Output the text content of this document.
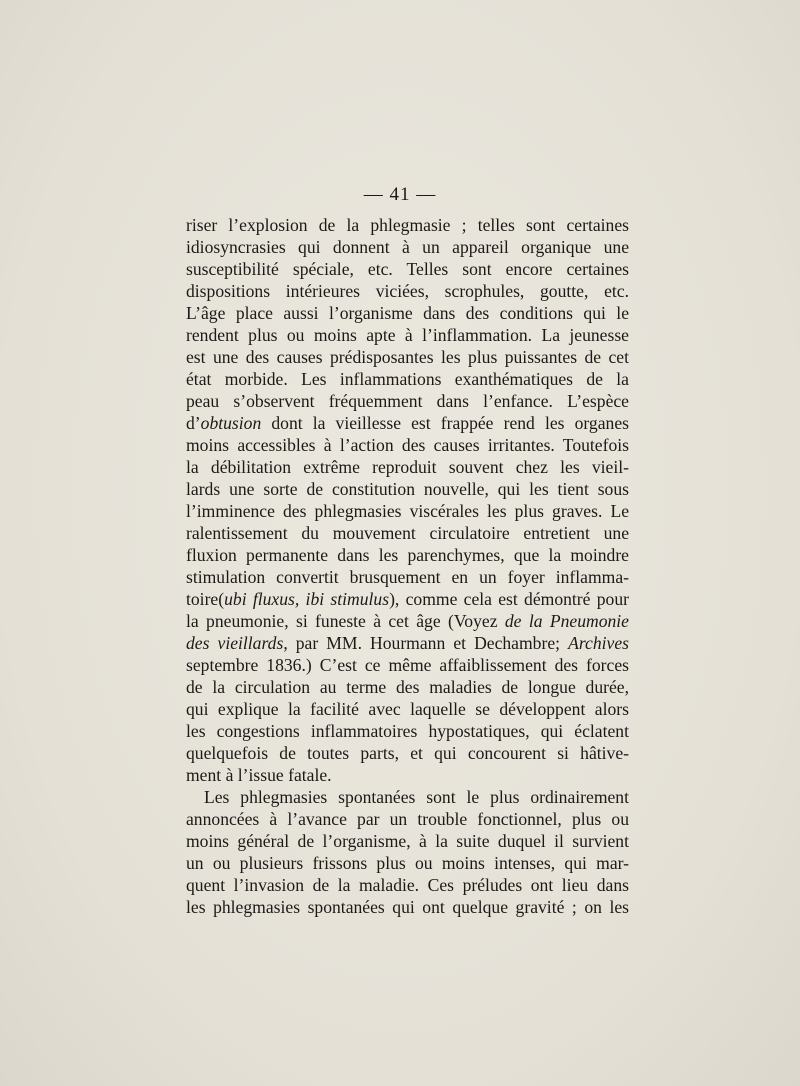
— 41 —
riser l’explosion de la phlegmasie ; telles sont certaines
idiosyncrasies qui donnent à un appareil organique une
susceptibilité spéciale, etc. Telles sont encore certaines
dispositions intérieures viciées, scrophules, goutte, etc.
L’âge place aussi l’organisme dans des conditions qui le
rendent plus ou moins apte à l’inflammation. La jeunesse
est une des causes prédisposantes les plus puissantes de cet
état morbide. Les inflammations exanthématiques de la
peau s’observent fréquemment dans l’enfance. L’espèce
d’obtusion dont la vieillesse est frappée rend les organes
moins accessibles à l’action des causes irritantes. Toutefois
la débilitation extrême reproduit souvent chez les vieil-
lards une sorte de constitution nouvelle, qui les tient sous
l’imminence des phlegmasies viscérales les plus graves. Le
ralentissement du mouvement circulatoire entretient une
fluxion permanente dans les parenchymes, que la moindre
stimulation convertit brusquement en un foyer inflamma-
toire(ubi fluxus, ibi stimulus), comme cela est démontré pour
la pneumonie, si funeste à cet âge (Voyez de la Pneumonie
des vieillards, par MM. Hourmann et Dechambre; Archives
septembre 1836.) C’est ce même affaiblissement des forces
de la circulation au terme des maladies de longue durée,
qui explique la facilité avec laquelle se développent alors
les congestions inflammatoires hypostatiques, qui éclatent
quelquefois de toutes parts, et qui concourent si hâtive-
ment à l’issue fatale.
Les phlegmasies spontanées sont le plus ordinairement
annoncées à l’avance par un trouble fonctionnel, plus ou
moins général de l’organisme, à la suite duquel il survient
un ou plusieurs frissons plus ou moins intenses, qui mar-
quent l’invasion de la maladie. Ces préludes ont lieu dans
les phlegmasies spontanées qui ont quelque gravité ; on les
